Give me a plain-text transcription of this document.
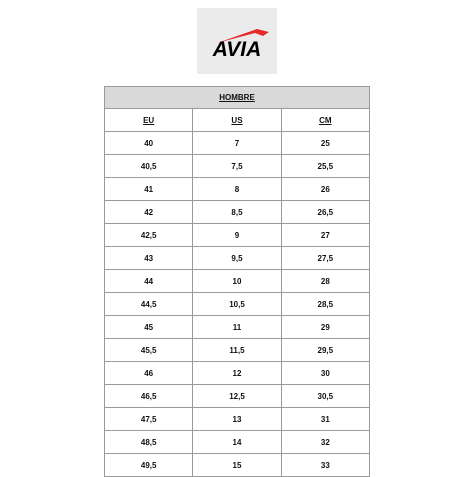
AVIA
HOMBRE		
EU	US	CM
40	7	25
40,5	7,5	25,5
41	8	26
42	8,5	26,5
42,5	9	27
43	9,5	27,5
44	10	28
44,5	10,5	28,5
45	11	29
45,5	11,5	29,5
46	12	30
46,5	12,5	30,5
47,5	13	31
48,5	14	32
49,5	15	33
